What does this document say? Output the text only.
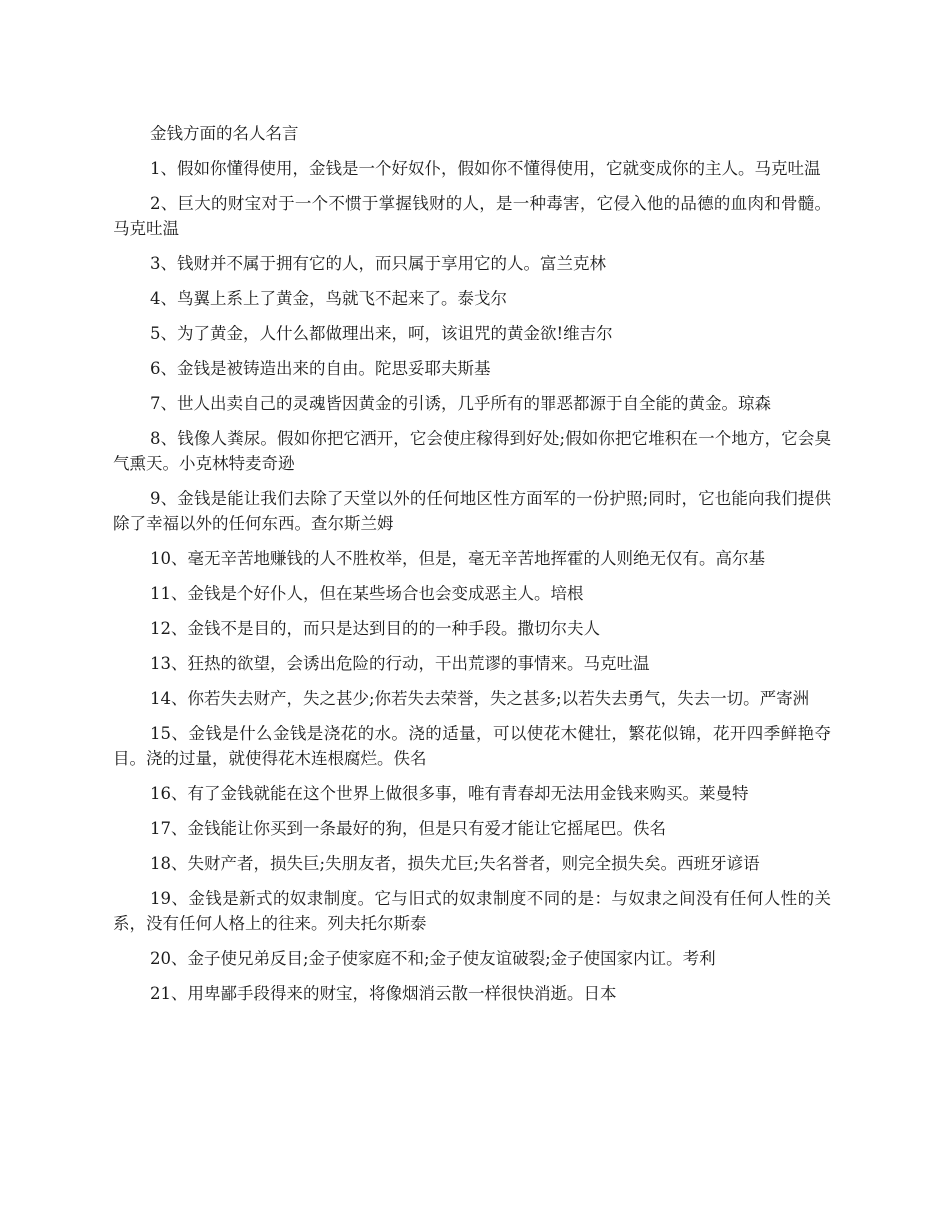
金钱方面的名人名言

1、假如你懂得使用，金钱是一个好奴仆，假如你不懂得使用，它就变成你的主人。马克吐温

2、巨大的财宝对于一个不惯于掌握钱财的人，是一种毒害，它侵入他的品德的血肉和骨髓。马克吐温

3、钱财并不属于拥有它的人，而只属于享用它的人。富兰克林

4、鸟翼上系上了黄金，鸟就飞不起来了。泰戈尔

5、为了黄金，人什么都做理出来，呵，该诅咒的黄金欲!维吉尔

6、金钱是被铸造出来的自由。陀思妥耶夫斯基

7、世人出卖自己的灵魂皆因黄金的引诱，几乎所有的罪恶都源于自全能的黄金。琼森

8、钱像人粪尿。假如你把它洒开，它会使庄稼得到好处;假如你把它堆积在一个地方，它会臭气熏天。小克林特麦奇逊

9、金钱是能让我们去除了天堂以外的任何地区性方面军的一份护照;同时，它也能向我们提供除了幸福以外的任何东西。查尔斯兰姆

10、毫无辛苦地赚钱的人不胜枚举，但是，毫无辛苦地挥霍的人则绝无仅有。高尔基

11、金钱是个好仆人，但在某些场合也会变成恶主人。培根

12、金钱不是目的，而只是达到目的的一种手段。撒切尔夫人

13、狂热的欲望，会诱出危险的行动，干出荒谬的事情来。马克吐温

14、你若失去财产，失之甚少;你若失去荣誉，失之甚多;以若失去勇气，失去一切。严寄洲

15、金钱是什么金钱是浇花的水。浇的适量，可以使花木健壮，繁花似锦，花开四季鲜艳夺目。浇的过量，就使得花木连根腐烂。佚名

16、有了金钱就能在这个世界上做很多事，唯有青春却无法用金钱来购买。莱曼特

17、金钱能让你买到一条最好的狗，但是只有爱才能让它摇尾巴。佚名

18、失财产者，损失巨;失朋友者，损失尤巨;失名誉者，则完全损失矣。西班牙谚语

19、金钱是新式的奴隶制度。它与旧式的奴隶制度不同的是：与奴隶之间没有任何人性的关系，没有任何人格上的往来。列夫托尔斯泰

20、金子使兄弟反目;金子使家庭不和;金子使友谊破裂;金子使国家内讧。考利

21、用卑鄙手段得来的财宝，将像烟消云散一样很快消逝。日本
